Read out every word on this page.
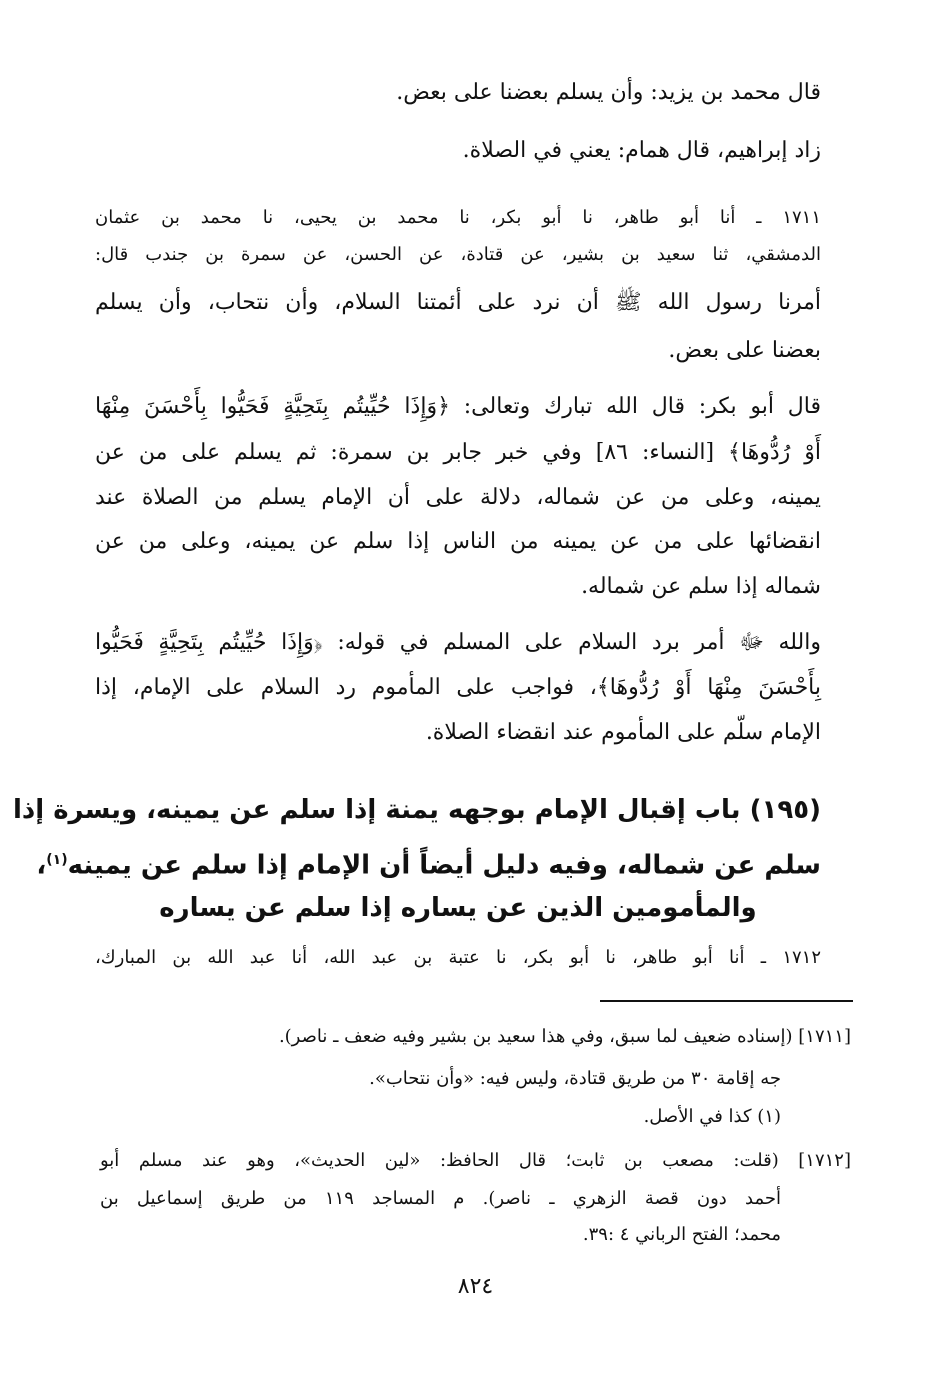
قال محمد بن يزيد: وأن يسلم بعضنا على بعض.
زاد إبراهيم، قال همام: يعني في الصلاة.
١٧١١ ـ أنا أبو طاهر، نا أبو بكر، نا محمد بن يحيى، نا محمد بن عثمان
الدمشقي، ثنا سعيد بن بشير، عن قتادة، عن الحسن، عن سمرة بن جندب قال:
أمرنا رسول الله ﷺ أن نرد على أئمتنا السلام، وأن نتحاب، وأن يسلم
بعضنا على بعض.
قال أبو بكر: قال الله تبارك وتعالى: ﴿وَإِذَا حُيِّيتُم بِتَحِيَّةٍ فَحَيُّوا بِأَحْسَنَ مِنْهَا
أَوْ رُدُّوهَا﴾ [النساء: ٨٦] وفي خبر جابر بن سمرة: ثم يسلم على من عن
يمينه، وعلى من عن شماله، دلالة على أن الإمام يسلم من الصلاة عند
انقضائها على من عن يمينه من الناس إذا سلم عن يمينه، وعلى من عن
شماله إذا سلم عن شماله.
والله ﷻ أمر برد السلام على المسلم في قوله: ﴿وَإِذَا حُيِّيتُم بِتَحِيَّةٍ فَحَيُّوا
بِأَحْسَنَ مِنْهَا أَوْ رُدُّوهَا﴾، فواجب على المأموم رد السلام على الإمام، إذا
الإمام سلّم على المأموم عند انقضاء الصلاة.
(١٩٥) باب إقبال الإمام بوجهه يمنة إذا سلم عن يمينه، ويسرة إذا
سلم عن شماله، وفيه دليل أيضاً أن الإمام إذا سلم عن يمينه$^{(١)}$،
والمأمومين الذين عن يساره إذا سلم عن يساره
١٧١٢ ـ أنا أبو طاهر، نا أبو بكر، نا عتبة بن عبد الله، أنا عبد الله بن المبارك،
[١٧١١] (إسناده ضعيف لما سبق، وفي هذا سعيد بن بشير وفيه ضعف ـ ناصر).
جه إقامة ٣٠ من طريق قتادة، وليس فيه: «وأن نتحاب».
(١) كذا في الأصل.
[١٧١٢] (قلت: مصعب بن ثابت؛ قال الحافظ: «لين الحديث»، وهو عند مسلم أبو
أحمد دون قصة الزهري ـ ناصر). م المساجد ١١٩ من طريق إسماعيل بن
محمد؛ الفتح الرباني ٤ :٣٩.
٨٢٤
